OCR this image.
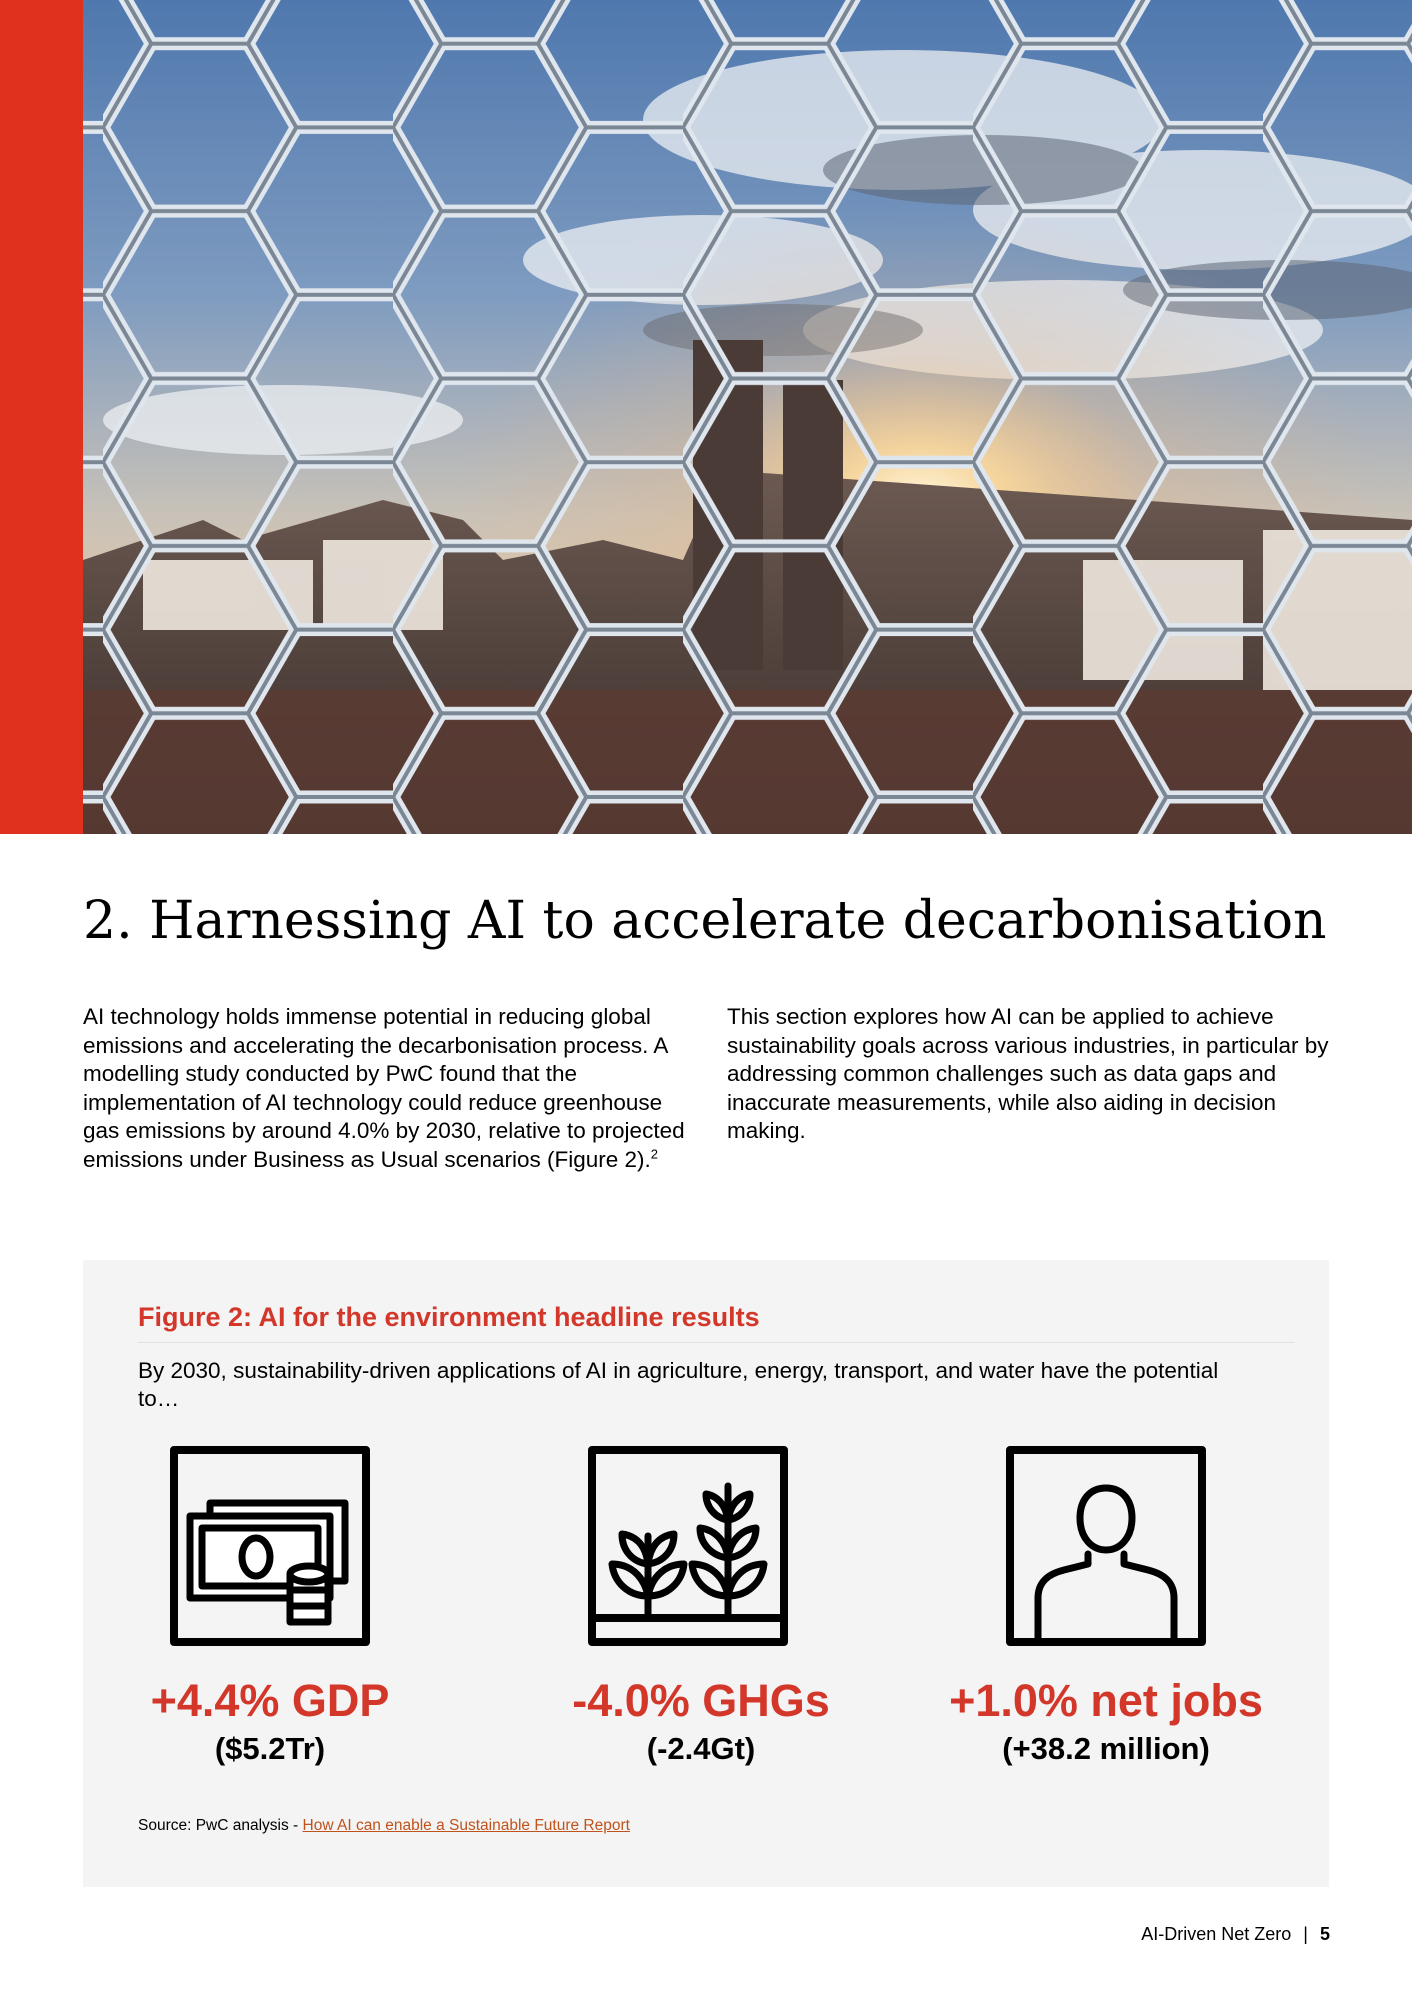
2. Harnessing AI to accelerate decarbonisation

AI technology holds immense potential in reducing global emissions and accelerating the decarbonisation process. A modelling study conducted by PwC found that the implementation of AI technology could reduce greenhouse gas emissions by around 4.0% by 2030, relative to projected emissions under Business as Usual scenarios (Figure 2).$^2$

This section explores how AI can be applied to achieve sustainability goals across various industries, in particular by addressing common challenges such as data gaps and inaccurate measurements, while also aiding in decision making.

Figure 2: AI for the environment headline results

By 2030, sustainability-driven applications of AI in agriculture, energy, transport, and water have the potential to…

+4.4% GDP
($5.2Tr)
-4.0% GHGs
(-2.4Gt)
+1.0% net jobs
(+38.2 million)

Source: PwC analysis - How AI can enable a Sustainable Future Report

AI-Driven Net Zero | 5
